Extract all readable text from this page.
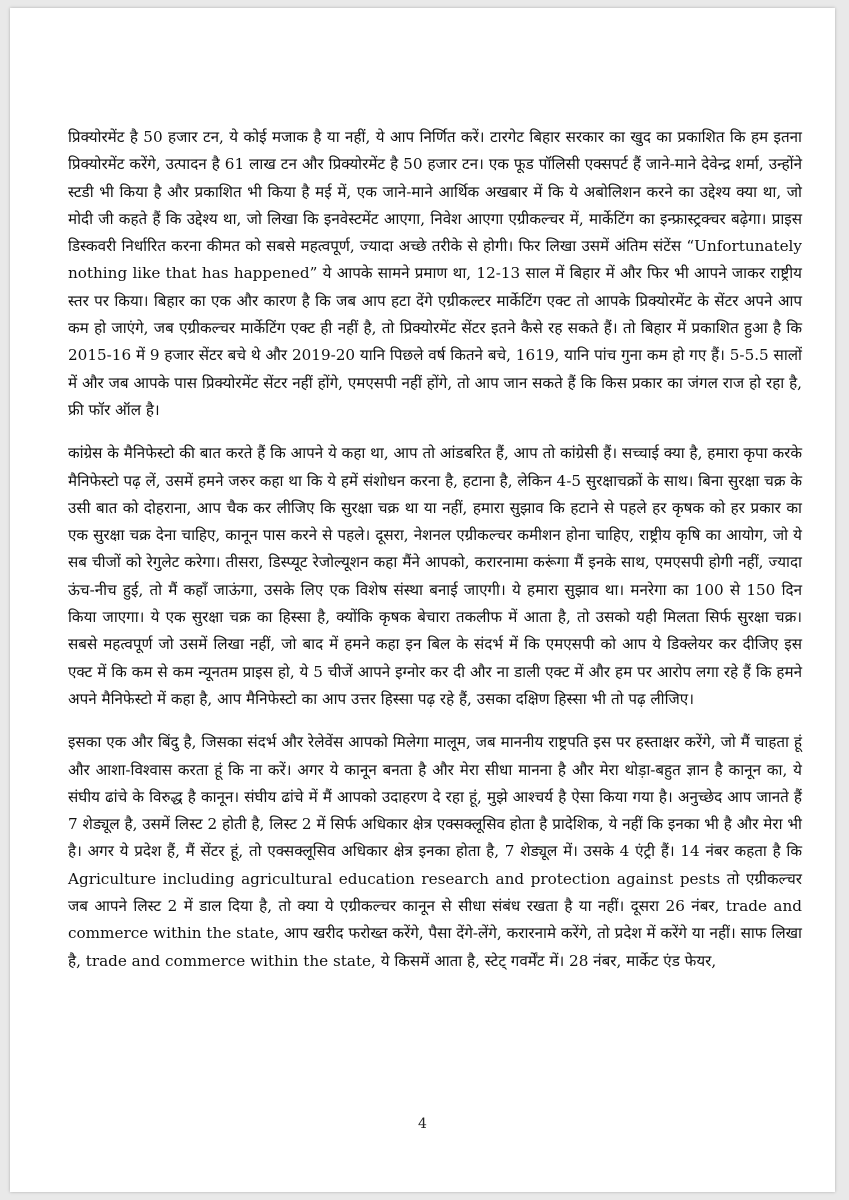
प्रिक्योरमेंट है 50 हजार टन, ये कोई मजाक है या नहीं, ये आप निर्णित करें। टारगेट बिहार सरकार का खुद का प्रकाशित कि हम इतना प्रिक्योरमेंट करेंगे, उत्पादन है 61 लाख टन और प्रिक्योरमेंट है 50 हजार टन। एक फूड पॉलिसी एक्सपर्ट हैं जाने-माने देवेन्द्र शर्मा, उन्होंने स्टडी भी किया है और प्रकाशित भी किया है मई में, एक जाने-माने आर्थिक अखबार में कि ये अबोलिशन करने का उद्देश्य क्या था, जो मोदी जी कहते हैं कि उद्देश्य था, जो लिखा कि इनवेस्टमेंट आएगा, निवेश आएगा एग्रीकल्चर में, मार्केटिंग का इन्फ्रास्ट्रक्चर बढ़ेगा। प्राइस डिस्कवरी निर्धारित करना कीमत को सबसे महत्वपूर्ण, ज्यादा अच्छे तरीके से होगी। फिर लिखा उसमें अंतिम संटेंस “Unfortunately nothing like that has happened” ये आपके सामने प्रमाण था, 12-13 साल में बिहार में और फिर भी आपने जाकर राष्ट्रीय स्तर पर किया। बिहार का एक और कारण है कि जब आप हटा देंगे एग्रीकल्टर मार्केटिंग एक्ट तो आपके प्रिक्योरमेंट के सेंटर अपने आप कम हो जाएंगे, जब एग्रीकल्चर मार्केटिंग एक्ट ही नहीं है, तो प्रिक्योरमेंट सेंटर इतने कैसे रह सकते हैं। तो बिहार में प्रकाशित हुआ है कि 2015-16 में 9 हजार सेंटर बचे थे और 2019-20 यानि पिछले वर्ष कितने बचे, 1619, यानि पांच गुना कम हो गए हैं। 5-5.5 सालों में और जब आपके पास प्रिक्योरमेंट सेंटर नहीं होंगे, एमएसपी नहीं होंगे, तो आप जान सकते हैं कि किस प्रकार का जंगल राज हो रहा है, फ्री फॉर ऑल है।

कांग्रेस के मैनिफेस्टो की बात करते हैं कि आपने ये कहा था, आप तो आंडबरित हैं, आप तो कांग्रेसी हैं। सच्चाई क्या है, हमारा कृपा करके मैनिफेस्टो पढ़ लें, उसमें हमने जरुर कहा था कि ये हमें संशोधन करना है, हटाना है, लेकिन 4-5 सुरक्षाचक्रों के साथ। बिना सुरक्षा चक्र के उसी बात को दोहराना, आप चैक कर लीजिए कि सुरक्षा चक्र था या नहीं, हमारा सुझाव कि हटाने से पहले हर कृषक को हर प्रकार का एक सुरक्षा चक्र देना चाहिए, कानून पास करने से पहले। दूसरा, नेशनल एग्रीकल्चर कमीशन होना चाहिए, राष्ट्रीय कृषि का आयोग, जो ये सब चीजों को रेगुलेट करेगा। तीसरा, डिस्प्यूट रेजोल्यूशन कहा मैंने आपको, करारनामा करूंगा मैं इनके साथ, एमएसपी होगी नहीं, ज्यादा ऊंच-नीच हुई, तो मैं कहाँ जाऊंगा, उसके लिए एक विशेष संस्था बनाई जाएगी। ये हमारा सुझाव था। मनरेगा का 100 से 150 दिन किया जाएगा। ये एक सुरक्षा चक्र का हिस्सा है, क्योंकि कृषक बेचारा तकलीफ में आता है, तो उसको यही मिलता सिर्फ सुरक्षा चक्र। सबसे महत्वपूर्ण जो उसमें लिखा नहीं, जो बाद में हमने कहा इन बिल के संदर्भ में कि एमएसपी को आप ये डिक्लेयर कर दीजिए इस एक्ट में कि कम से कम न्यूनतम प्राइस हो, ये 5 चीजें आपने इग्नोर कर दी और ना डाली एक्ट में और हम पर आरोप लगा रहे हैं कि हमने अपने मैनिफेस्टो में कहा है, आप मैनिफेस्टो का आप उत्तर हिस्सा पढ़ रहे हैं, उसका दक्षिण हिस्सा भी तो पढ़ लीजिए।

इसका एक और बिंदु है, जिसका संदर्भ और रेलेवेंस आपको मिलेगा मालूम, जब माननीय राष्ट्रपति इस पर हस्ताक्षर करेंगे, जो मैं चाहता हूं और आशा-विश्वास करता हूं कि ना करें। अगर ये कानून बनता है और मेरा सीधा मानना है और मेरा थोड़ा-बहुत ज्ञान है कानून का, ये संघीय ढांचे के विरुद्ध है कानून। संघीय ढांचे में मैं आपको उदाहरण दे रहा हूं, मुझे आश्चर्य है ऐसा किया गया है। अनुच्छेद आप जानते हैं 7 शेड्यूल है, उसमें लिस्ट 2 होती है, लिस्ट 2 में सिर्फ अधिकार क्षेत्र एक्सक्लूसिव होता है प्रादेशिक, ये नहीं कि इनका भी है और मेरा भी है। अगर ये प्रदेश हैं, मैं सेंटर हूं, तो एक्सक्लूसिव अधिकार क्षेत्र इनका होता है, 7 शेड्यूल में। उसके 4 एंट्री हैं। 14 नंबर कहता है कि Agriculture including agricultural education research and protection against pests तो एग्रीकल्चर जब आपने लिस्ट 2 में डाल दिया है, तो क्या ये एग्रीकल्चर कानून से सीधा संबंध रखता है या नहीं। दूसरा 26 नंबर, trade and commerce within the state, आप खरीद फरोख्त करेंगे, पैसा देंगे-लेंगे, करारनामे करेंगे, तो प्रदेश में करेंगे या नहीं। साफ लिखा है, trade and commerce within the state, ये किसमें आता है, स्टेट् गवर्मेंट में। 28 नंबर, मार्केट एंड फेयर,

4
